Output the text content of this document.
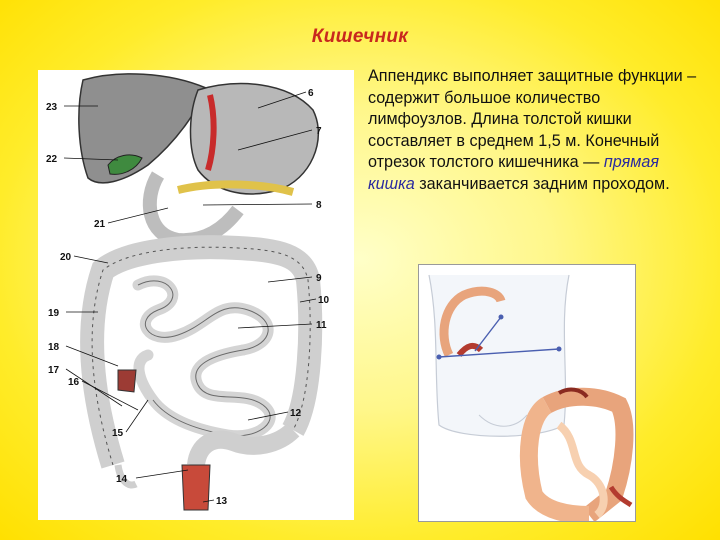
Кишечник
23
22
21
20
19
18
17
16
15
14
13
12
11
10
9
8
7
6
Аппендикс выполняет защитные функции – содержит большое количество лимфоузлов. Длина толстой кишки составляет в среднем 1,5 м. Конечный отрезок толстого кишечника — прямая кишка заканчивается задним проходом.
